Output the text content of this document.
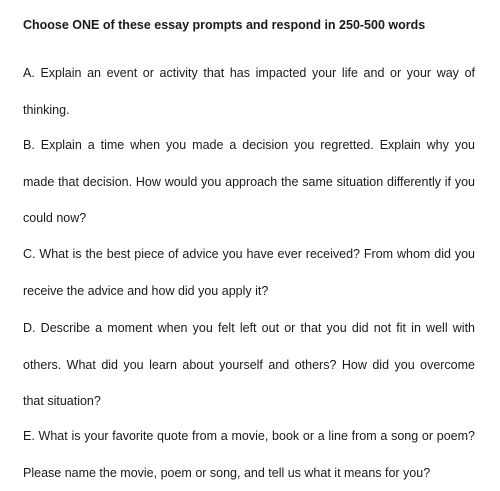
Choose ONE of these essay prompts and respond in 250-500 words

A. Explain an event or activity that has impacted your life and or your way of thinking.

B. Explain a time when you made a decision you regretted. Explain why you made that decision. How would you approach the same situation differently if you could now?

C. What is the best piece of advice you have ever received? From whom did you receive the advice and how did you apply it?

D. Describe a moment when you felt left out or that you did not fit in well with others. What did you learn about yourself and others? How did you overcome that situation?

E. What is your favorite quote from a movie, book or a line from a song or poem? Please name the movie, poem or song, and tell us what it means for you?
